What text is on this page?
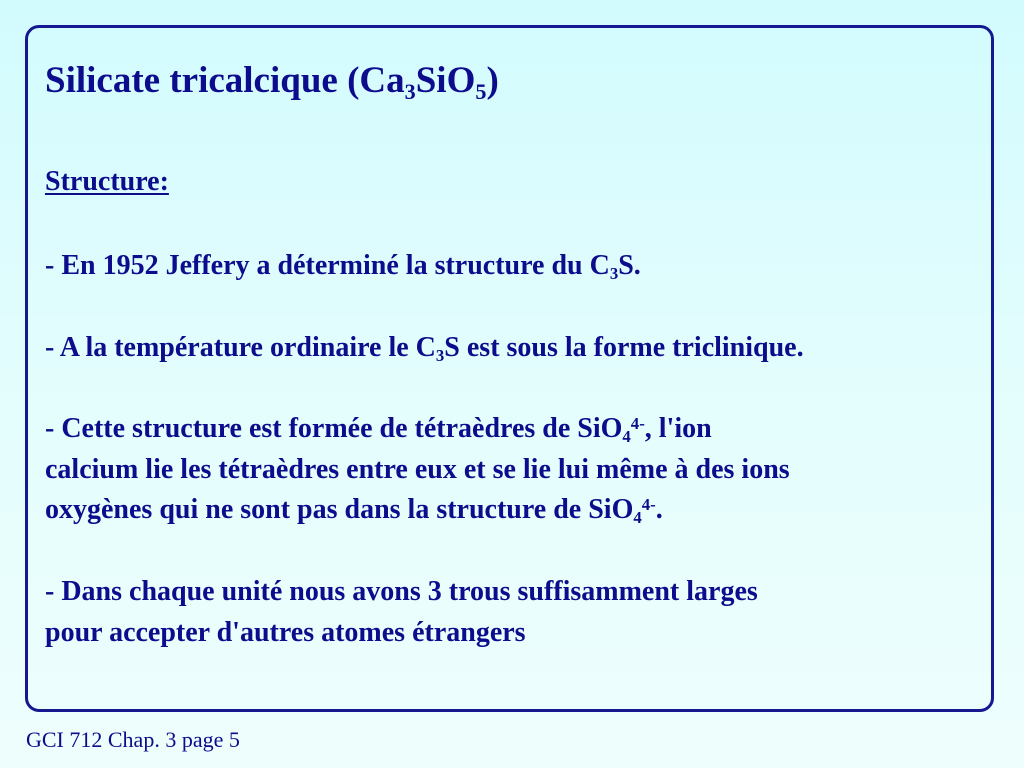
Silicate tricalcique $(Ca_3SiO_5)$

Structure:

- En 1952 Jeffery a déterminé la structure du $C_3S$.

- A la température ordinaire le $C_3S$ est sous la forme triclinique.

- Cette structure est formée de tétraèdres de SiO$_4^{4-}$, l'ion
calcium lie les tétraèdres entre eux et se lie lui même à des ions
oxygènes qui ne sont pas dans la structure de SiO$_4^{4-}$.

- Dans chaque unité nous avons 3 trous suffisamment larges
pour accepter d'autres atomes étrangers

GCI 712 Chap. 3 page 5
